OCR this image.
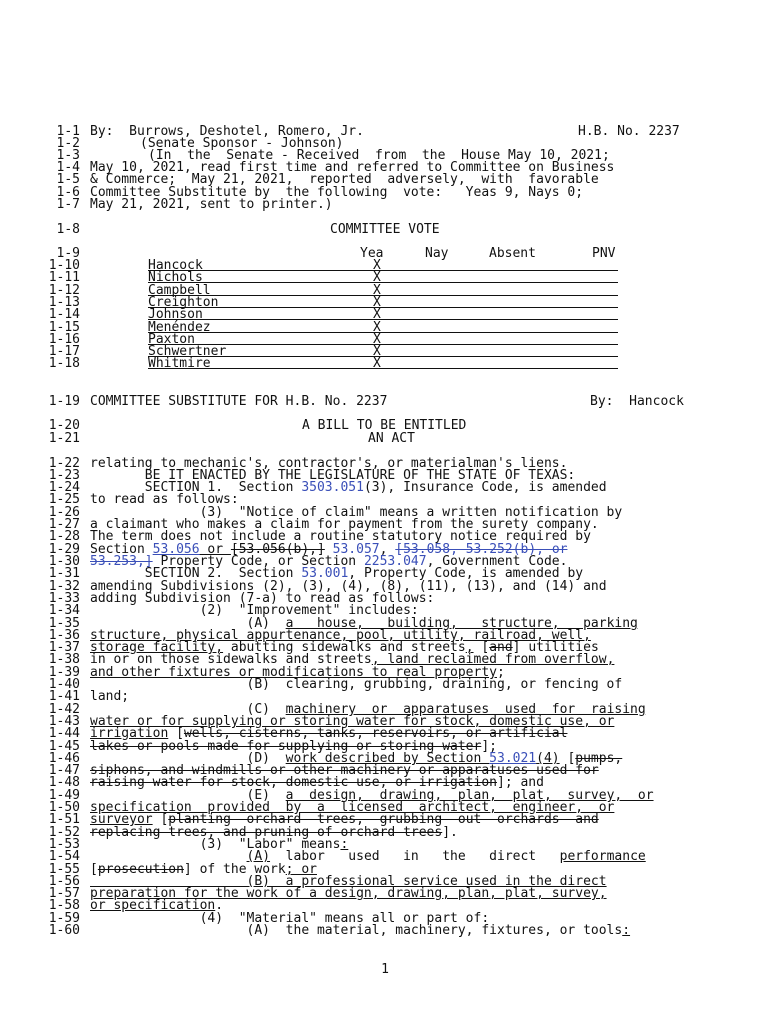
1-1
1-2
1-3
1-4
1-5
1-6
1-7
1-8
1-9
1-10
1-11
1-12
1-13
1-14
1-15
1-16
1-17
1-18
1-19
1-20
1-21
1-22
1-23
1-24
1-25
1-26
1-27
1-28
1-29
1-30
1-31
1-32
1-33
1-34
1-35
1-36
1-37
1-38
1-39
1-40
1-41
1-42
1-43
1-44
1-45
1-46
1-47
1-48
1-49
1-50
1-51
1-52
1-53
1-54
1-55
1-56
1-57
1-58
1-59
1-60
By:  Burrows, Deshotel, Romero, Jr.	H.B. No. 2237
(Senate Sponsor - Johnson)
(In  the  Senate - Received  from  the  House May 10, 2021;
May 10, 2021, read first time and referred to Committee on Business
& Commerce;  May 21, 2021,  reported  adversely,  with  favorable
Committee Substitute by  the following  vote:   Yeas 9, Nays 0;
May 21, 2021, sent to printer.)
COMMITTEE VOTE
Yea	Nay	Absent	PNV
Hancock	X
Nichols	X
Campbell	X
Creighton	X
Johnson	X
Menéndez	X
Paxton	X
Schwertner	X
Whitmire	X
COMMITTEE SUBSTITUTE FOR H.B. No. 2237	By:  Hancock
A BILL TO BE ENTITLED
AN ACT
relating to mechanic's, contractor's, or materialman's liens.
BE IT ENACTED BY THE LEGISLATURE OF THE STATE OF TEXAS:
SECTION 1.  Section 3503.051(3), Insurance Code, is amended
to read as follows:
(3)  "Notice of claim" means a written notification by
a claimant who makes a claim for payment from the surety company.
The term does not include a routine statutory notice required by
Section 53.056 or [53.056(b),] 53.057, [53.058, 53.252(b), or
53.253,] Property Code, or Section 2253.047, Government Code.
SECTION 2.  Section 53.001, Property Code, is amended by
amending Subdivisions (2), (3), (4), (8), (11), (13), and (14) and
adding Subdivision (7-a) to read as follows:
(2)  "Improvement" includes:
(A)  a   house,   building,   structure,   parking
structure, physical appurtenance, pool, utility, railroad, well,
storage facility, abutting sidewalks and streets, [and] utilities
in or on those sidewalks and streets, land reclaimed from overflow,
and other fixtures or modifications to real property;
(B)  clearing, grubbing, draining, or fencing of
land;
(C)  machinery  or  apparatuses  used  for  raising
water or for supplying or storing water for stock, domestic use, or
irrigation [wells, cisterns, tanks, reservoirs, or artificial
lakes or pools made for supplying or storing water];
(D)  work described by Section 53.021(4) [pumps,
siphons, and windmills or other machinery or apparatuses used for
raising water for stock, domestic use, or irrigation]; and
(E)  a  design,  drawing,  plan,  plat,  survey,  or
specification  provided  by  a  licensed  architect,  engineer,  or
surveyor [planting  orchard  trees,  grubbing  out  orchards  and
replacing trees, and pruning of orchard trees].
(3)  "Labor" means:
(A)  labor   used   in   the   direct   performance
[prosecution] of the work; or
(B)  a professional service used in the direct
preparation for the work of a design, drawing, plan, plat, survey,
or specification.
(4)  "Material" means all or part of:
(A)  the material, machinery, fixtures, or tools:
1
